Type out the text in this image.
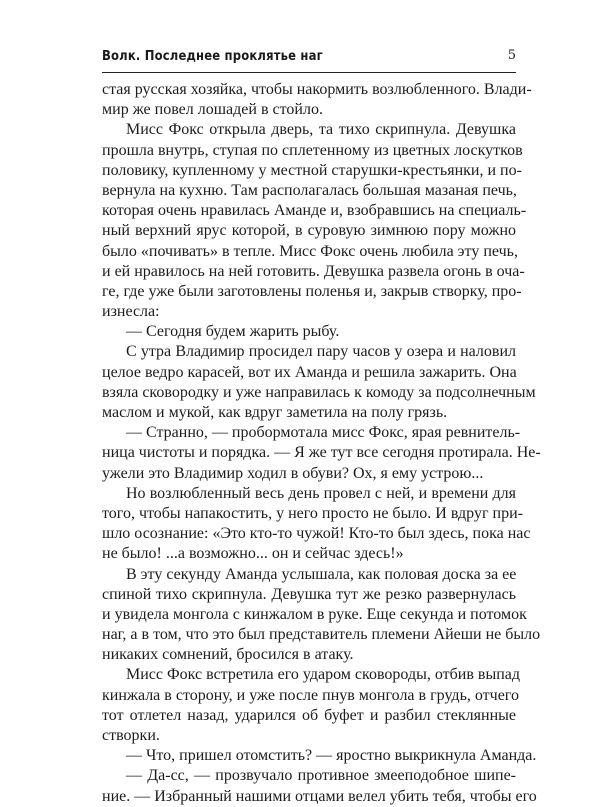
Волк. Последнее проклятье наг	5
стая русская хозяйка, чтобы накормить возлюбленного. Влади-
мир же повел лошадей в стойло.
Мисс Фокс открыла дверь, та тихо скрипнула. Девушка
прошла внутрь, ступая по сплетенному из цветных лоскутков
половику, купленному у местной старушки-крестьянки, и по-
вернула на кухню. Там располагалась большая мазаная печь,
которая очень нравилась Аманде и, взобравшись на специаль-
ный верхний ярус которой, в суровую зимнюю пору можно
было «почивать» в тепле. Мисс Фокс очень любила эту печь,
и ей нравилось на ней готовить. Девушка развела огонь в оча-
ге, где уже были заготовлены поленья и, закрыв створку, про-
изнесла:
— Сегодня будем жарить рыбу.
С утра Владимир просидел пару часов у озера и наловил
целое ведро карасей, вот их Аманда и решила зажарить. Она
взяла сковородку и уже направилась к комоду за подсолнечным
маслом и мукой, как вдруг заметила на полу грязь.
— Странно, — пробормотала мисс Фокс, ярая ревнитель-
ница чистоты и порядка. — Я же тут все сегодня протирала. Не-
ужели это Владимир ходил в обуви? Ох, я ему устрою...
Но возлюбленный весь день провел с ней, и времени для
того, чтобы напакостить, у него просто не было. И вдруг при-
шло осознание: «Это кто-то чужой! Кто-то был здесь, пока нас
не было! ...а возможно... он и сейчас здесь!»
В эту секунду Аманда услышала, как половая доска за ее
спиной тихо скрипнула. Девушка тут же резко развернулась
и увидела монгола с кинжалом в руке. Еще секунда и потомок
наг, а в том, что это был представитель племени Айеши не было
никаких сомнений, бросился в атаку.
Мисс Фокс встретила его ударом сковороды, отбив выпад
кинжала в сторону, и уже после пнув монгола в грудь, отчего
тот отлетел назад, ударился об буфет и разбил стеклянные
створки.
— Что, пришел отомстить? — яростно выкрикнула Аманда.
— Да-сс, — прозвучало противное змееподобное шипе-
ние. — Избранный нашими отцами велел убить тебя, чтобы его
